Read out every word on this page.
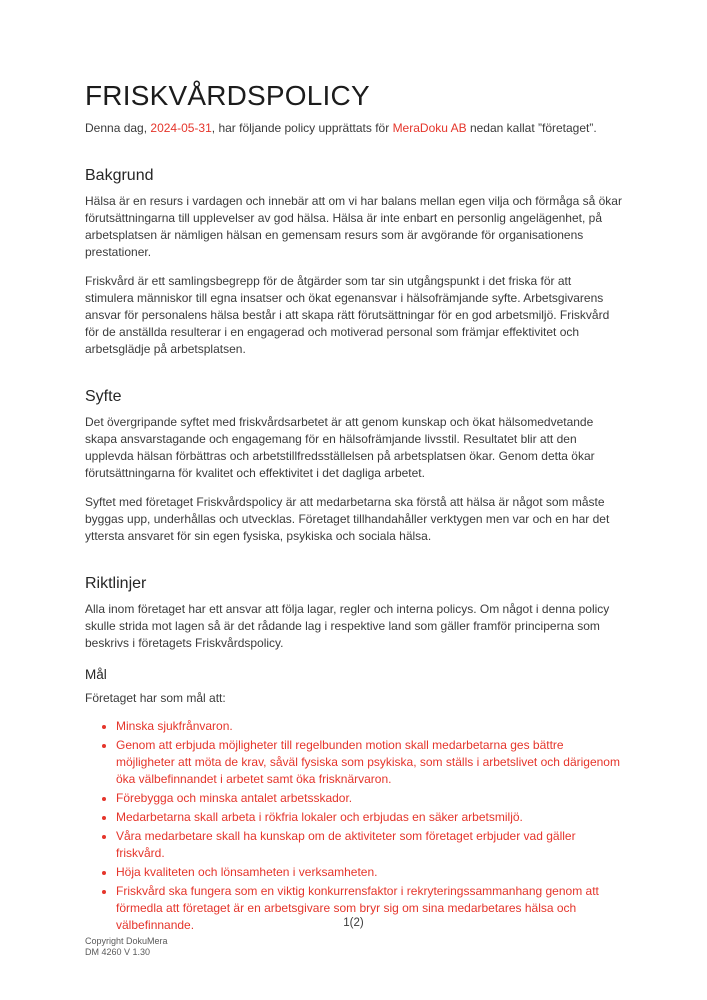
FRISKVÅRDSPOLICY

Denna dag, 2024-05-31, har följande policy upprättats för MeraDoku AB nedan kallat ”företaget”.

Bakgrund

Hälsa är en resurs i vardagen och innebär att om vi har balans mellan egen vilja och förmåga så ökar förutsättningarna till upplevelser av god hälsa. Hälsa är inte enbart en personlig angelägenhet, på arbetsplatsen är nämligen hälsan en gemensam resurs som är avgörande för organisationens prestationer.

Friskvård är ett samlingsbegrepp för de åtgärder som tar sin utgångspunkt i det friska för att stimulera människor till egna insatser och ökat egenansvar i hälsofrämjande syfte. Arbetsgivarens ansvar för personalens hälsa består i att skapa rätt förutsättningar för en god arbetsmiljö. Friskvård för de anställda resulterar i en engagerad och motiverad personal som främjar effektivitet och arbetsglädje på arbetsplatsen.

Syfte

Det övergripande syftet med friskvårdsarbetet är att genom kunskap och ökat hälsomedvetande skapa ansvarstagande och engagemang för en hälsofrämjande livsstil. Resultatet blir att den upplevda hälsan förbättras och arbetstillfredsställelsen på arbetsplatsen ökar. Genom detta ökar förutsättningarna för kvalitet och effektivitet i det dagliga arbetet.

Syftet med företaget Friskvårdspolicy är att medarbetarna ska förstå att hälsa är något som måste byggas upp, underhållas och utvecklas. Företaget tillhandahåller verktygen men var och en har det yttersta ansvaret för sin egen fysiska, psykiska och sociala hälsa.

Riktlinjer

Alla inom företaget har ett ansvar att följa lagar, regler och interna policys. Om något i denna policy skulle strida mot lagen så är det rådande lag i respektive land som gäller framför principerna som beskrivs i företagets Friskvårdspolicy.

Mål

Företaget har som mål att:

• Minska sjukfrånvaron.
• Genom att erbjuda möjligheter till regelbunden motion skall medarbetarna ges bättre möjligheter att möta de krav, såväl fysiska som psykiska, som ställs i arbetslivet och därigenom öka välbefinnandet i arbetet samt öka frisknärvaron.
• Förebygga och minska antalet arbetsskador.
• Medarbetarna skall arbeta i rökfria lokaler och erbjudas en säker arbetsmiljö.
• Våra medarbetare skall ha kunskap om de aktiviteter som företaget erbjuder vad gäller friskvård.
• Höja kvaliteten och lönsamheten i verksamheten.
• Friskvård ska fungera som en viktig konkurrensfaktor i rekryteringssammanhang genom att förmedla att företaget är en arbetsgivare som bryr sig om sina medarbetares hälsa och välbefinnande.	1(2)
Copyright DokuMera
DM 4260 V 1.30
